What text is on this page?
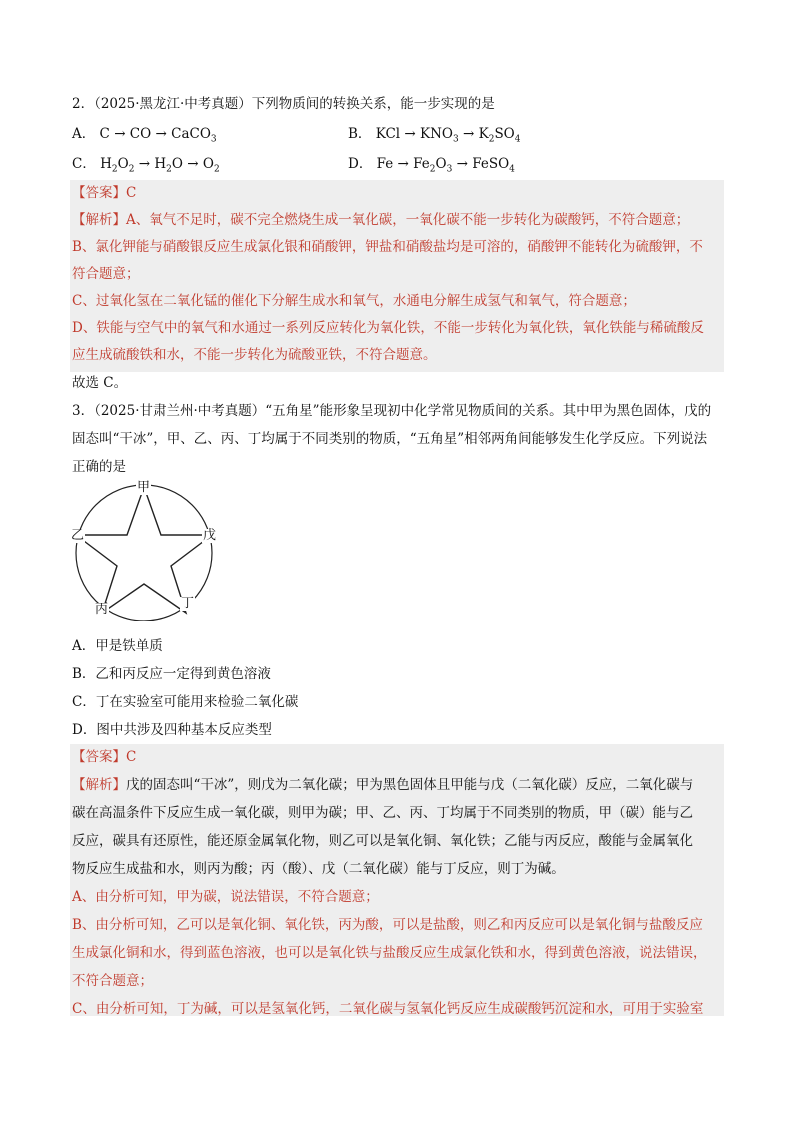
2．（2025·黑龙江·中考真题）下列物质间的转换关系，能一步实现的是
A． C → CO → CaCO$_3$	B． KCl → $KNO_3 \to K_2SO_4$
C． $H_2O_2 \to H_2O \to O_2$	D． $Fe \to Fe_2O_3$ → FeSO$_4$
【答案】C
【解析】A、氧气不足时，碳不完全燃烧生成一氧化碳，一氧化碳不能一步转化为碳酸钙，不符合题意；
B、氯化钾能与硝酸银反应生成氯化银和硝酸钾，钾盐和硝酸盐均是可溶的，硝酸钾不能转化为硫酸钾，不
符合题意；
C、过氧化氢在二氧化锰的催化下分解生成水和氧气，水通电分解生成氢气和氧气，符合题意；
D、铁能与空气中的氧气和水通过一系列反应转化为氧化铁，不能一步转化为氧化铁，氧化铁能与稀硫酸反
应生成硫酸铁和水，不能一步转化为硫酸亚铁，不符合题意。
故选 C。
3．（2025·甘肃兰州·中考真题）“五角星”能形象呈现初中化学常见物质间的关系。其中甲为黑色固体，戊的
固态叫“干冰”，甲、乙、丙、丁均属于不同类别的物质，“五角星”相邻两角间能够发生化学反应。下列说法
正确的是
甲
乙	戊
丙	丁
A．甲是铁单质
B．乙和丙反应一定得到黄色溶液
C．丁在实验室可能用来检验二氧化碳
D．图中共涉及四种基本反应类型
【答案】C
【解析】戊的固态叫“干冰”，则戊为二氧化碳；甲为黑色固体且甲能与戊（二氧化碳）反应，二氧化碳与
碳在高温条件下反应生成一氧化碳，则甲为碳；甲、乙、丙、丁均属于不同类别的物质，甲（碳）能与乙
反应，碳具有还原性，能还原金属氧化物，则乙可以是氧化铜、氧化铁；乙能与丙反应，酸能与金属氧化
物反应生成盐和水，则丙为酸；丙（酸）、戊（二氧化碳）能与丁反应，则丁为碱。
A、由分析可知，甲为碳，说法错误，不符合题意；
B、由分析可知，乙可以是氧化铜、氧化铁，丙为酸，可以是盐酸，则乙和丙反应可以是氧化铜与盐酸反应
生成氯化铜和水，得到蓝色溶液，也可以是氧化铁与盐酸反应生成氯化铁和水，得到黄色溶液，说法错误，
不符合题意；
C、由分析可知，丁为碱，可以是氢氧化钙，二氧化碳与氢氧化钙反应生成碳酸钙沉淀和水，可用于实验室
